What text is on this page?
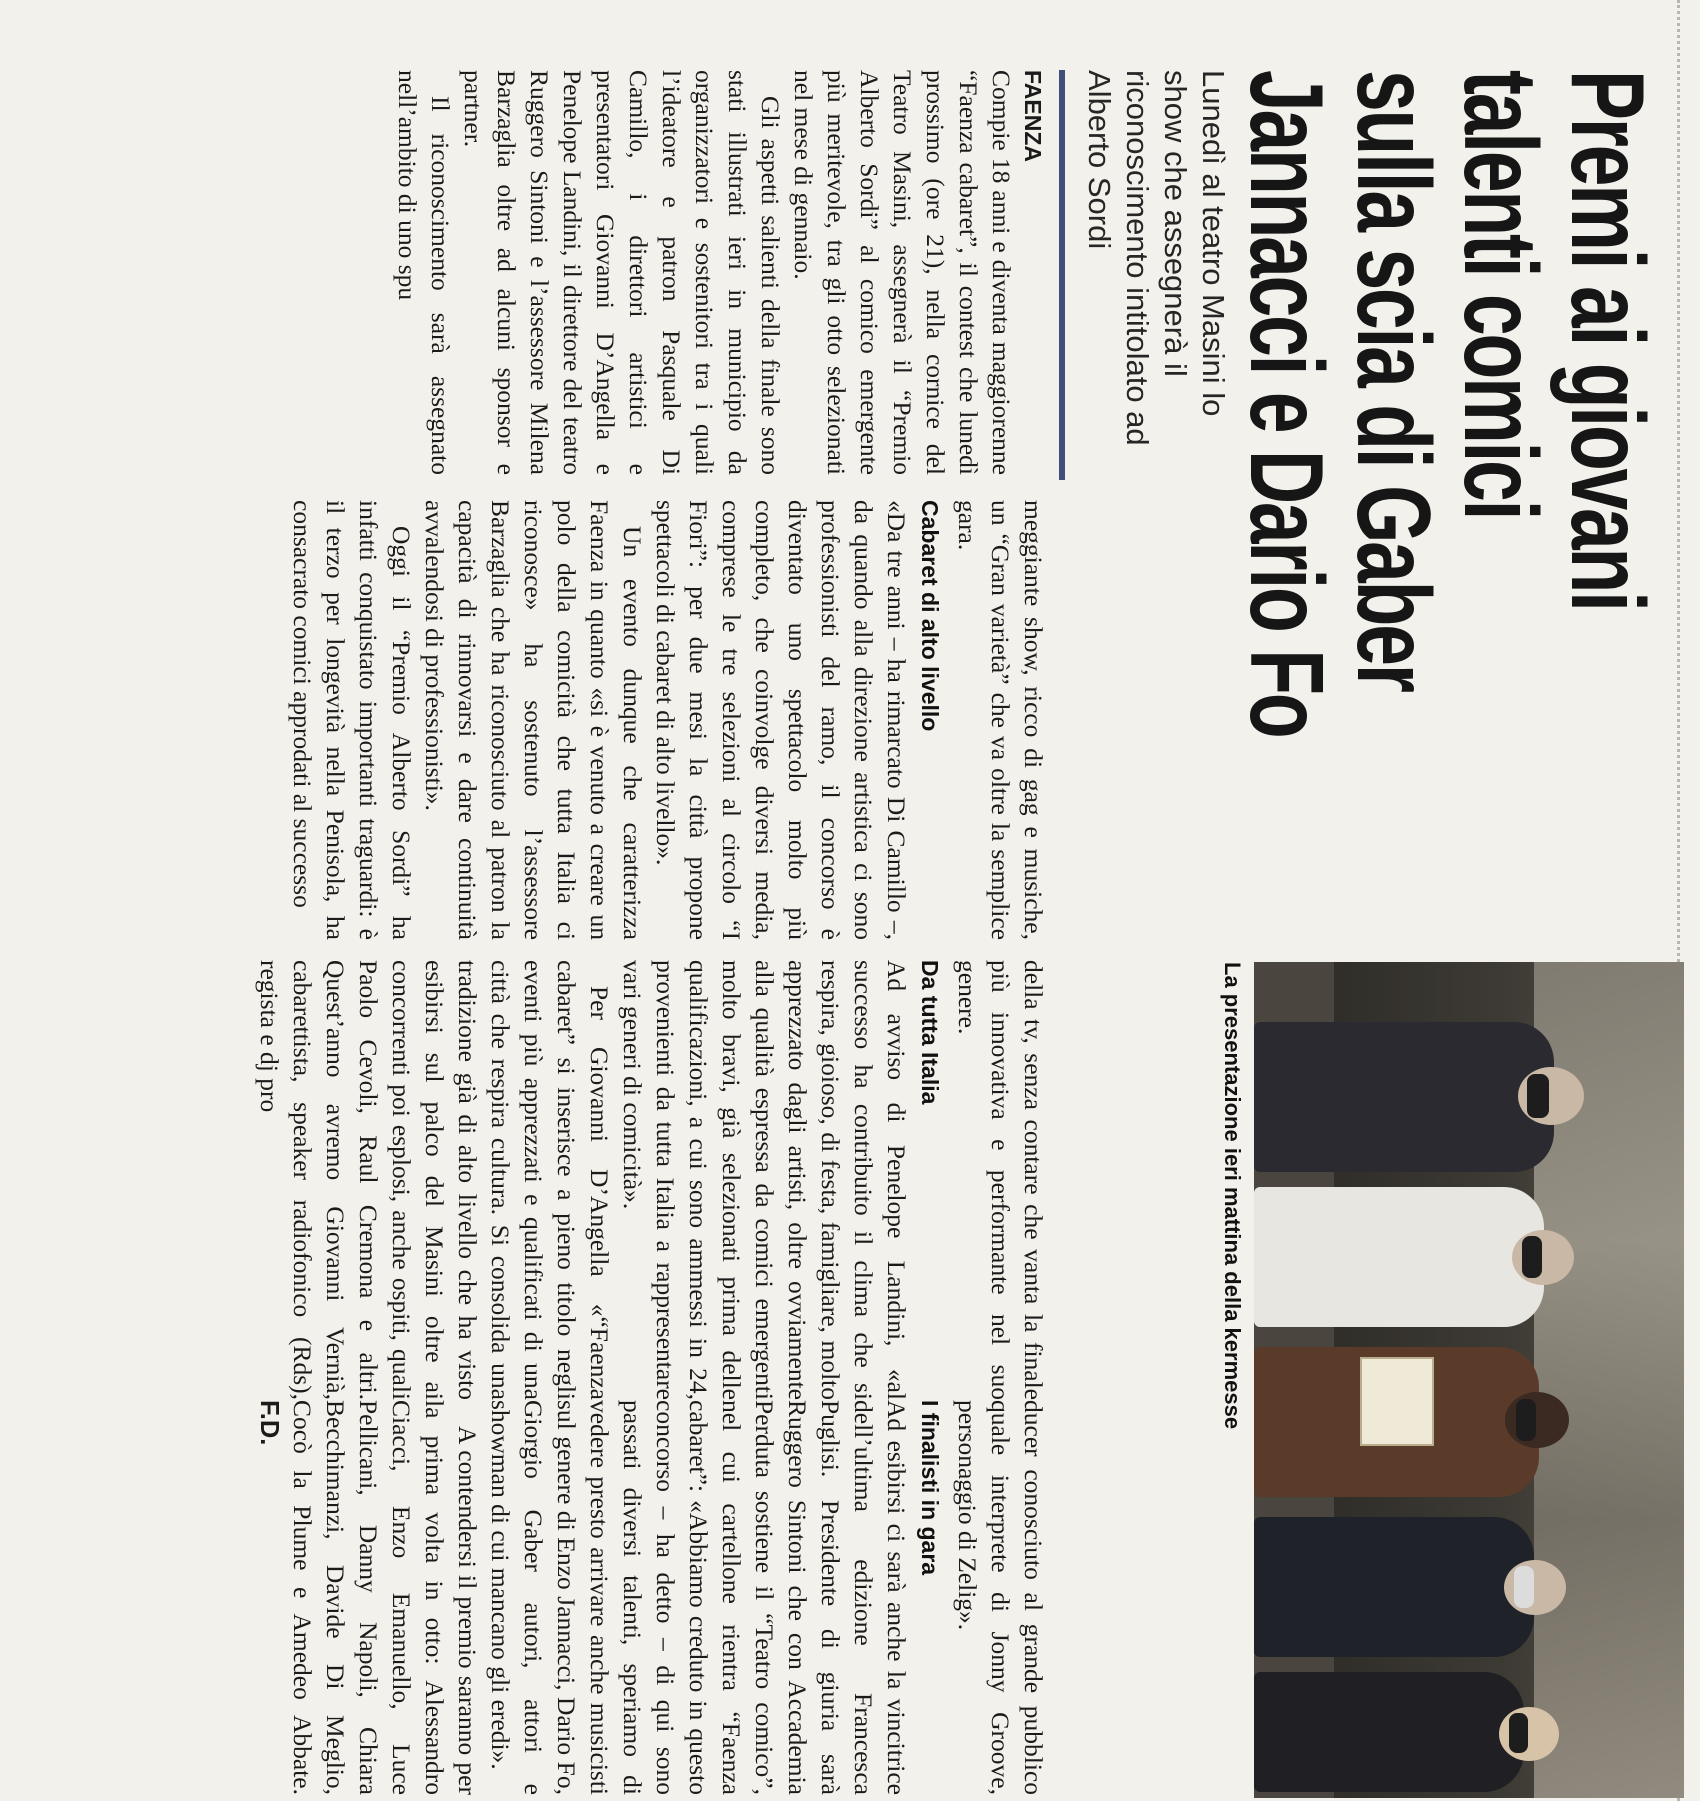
Premi ai giovani
talenti comici
sulla scia di Gaber
Jannacci e Dario Fo

Lunedì al teatro Masini lo show che assegnerà il riconoscimento intitolato ad Alberto Sordi

La presentazione ieri mattina della kermesse

FAENZA

Compie 18 anni e diventa maggiorenne “Faenza cabaret”, il contest che lunedì prossimo (ore 21), nella cornice del Teatro Masini, assegnerà il “Premio Alberto Sordi” al comico emergente più meritevole, tra gli otto selezionati nel mese di gennaio.

Gli aspetti salienti della finale sono stati illustrati ieri in municipio da organizzatori e sostenitori tra i quali l’ideatore e patron Pasquale Di Camillo, i direttori artistici e presentatori Giovanni D’Angella e Penelope Landini, il direttore del teatro Ruggero Sintoni e l’assessore Milena Barzaglia oltre ad alcuni sponsor e partner.

Il riconoscimento sarà assegnato nell’ambito di uno spu

meggiante show, ricco di gag e musiche, un “Gran varietà” che va oltre la semplice gara.

Cabaret di alto livello

«Da tre anni – ha rimarcato Di Camillo –, da quando alla direzione artistica ci sono professionisti del ramo, il concorso è diventato uno spettacolo molto più completo, che coinvolge diversi media, comprese le tre selezioni al circolo “I Fiori”: per due mesi la città propone spettacoli di cabaret di alto livello».

Un evento dunque che caratterizza Faenza in quanto «si è venuto a creare un polo della comicità che tutta Italia ci riconosce» ha sostenuto l’assessore Barzaglia che ha riconosciuto al patron la capacità di rinnovarsi e dare continuità avvalendosi di professionisti».

Oggi il “Premio Alberto Sordi” ha infatti conquistato importanti traguardi: è il terzo per longevità nella Penisola, ha consacrato comici approdati al successo

della tv, senza contare che vanta la finale più innovativa e performante nel suo genere.

Da tutta Italia

Ad avviso di Penelope Landini, «al successo ha contribuito il clima che si respira, gioioso, di festa, famigliare, molto apprezzato dagli artisti, oltre ovviamente alla qualità espressa da comici emergenti molto bravi, già selezionati prima delle qualificazioni, a cui sono ammessi in 24, provenienti da tutta Italia a rappresentare vari generi di comicità».

Per Giovanni D’Angella «“Faenza cabaret” si inserisce a pieno titolo negli eventi più apprezzati e qualificati di una città che respira cultura. Si consolida una tradizione già di alto livello che ha visto esibirsi sul palco del Masini oltre ai concorrenti poi esplosi, anche ospiti, quali Paolo Cevoli, Raul Cremona e altri. Quest’anno avremo Giovanni Vernià, cabarettista, speaker radiofonico (Rds), regista e dj pro

ducer conosciuto al grande pubblico quale interprete di Jonny Groove, personaggio di Zelig».

I finalisti in gara

Ad esibirsi ci sarà anche la vincitrice dell’ultima edizione Francesca Puglisi. Presidente di giuria sarà Ruggero Sintoni che con Accademia Perduta sostiene il “Teatro comico”, nel cui cartellone rientra “Faenza cabaret”: «Abbiamo creduto in questo concorso – ha detto – di qui sono passati diversi talenti, speriamo di vedere presto arrivare anche musicisti sul genere di Enzo Jannacci, Dario Fo, Giorgio Gaber autori, attori e showman di cui mancano gli eredi».

A contendersi il premio saranno per la prima volta in otto: Alessandro Ciacci, Enzo Emanuello, Luce Pellicani, Danny Napoli, Chiara Becchimanzi, Davide Di Meglio, Cocò la Plume e Amedeo Abbate. F.D.
